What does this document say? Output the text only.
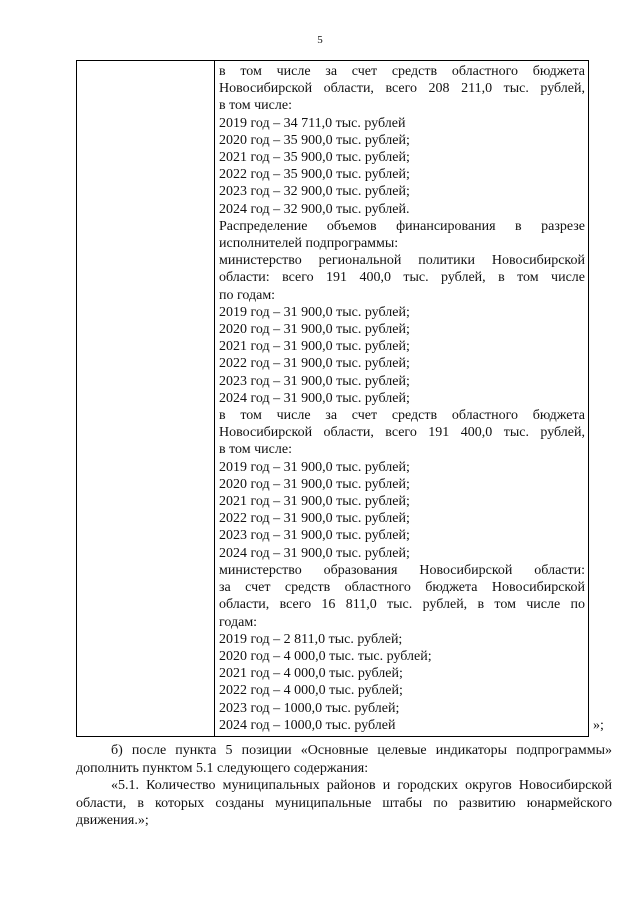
5

в том числе за счет средств областного бюджета

Новосибирской области, всего 208 211,0 тыс. рублей,

в том числе:

2019 год – 34 711,0 тыс. рублей

2020 год – 35 900,0 тыс. рублей;

2021 год – 35 900,0 тыс. рублей;

2022 год – 35 900,0 тыс. рублей;

2023 год – 32 900,0 тыс. рублей;

2024 год – 32 900,0 тыс. рублей.

Распределение объемов финансирования в разрезе

исполнителей подпрограммы:

министерство региональной политики Новосибирской

области: всего 191 400,0 тыс. рублей, в том числе

по годам:

2019 год – 31 900,0 тыс. рублей;

2020 год – 31 900,0 тыс. рублей;

2021 год – 31 900,0 тыс. рублей;

2022 год – 31 900,0 тыс. рублей;

2023 год – 31 900,0 тыс. рублей;

2024 год – 31 900,0 тыс. рублей;

в том числе за счет средств областного бюджета

Новосибирской области, всего 191 400,0 тыс. рублей,

в том числе:

2019 год – 31 900,0 тыс. рублей;

2020 год – 31 900,0 тыс. рублей;

2021 год – 31 900,0 тыс. рублей;

2022 год – 31 900,0 тыс. рублей;

2023 год – 31 900,0 тыс. рублей;

2024 год – 31 900,0 тыс. рублей;

министерство образования Новосибирской области:

за счет средств областного бюджета Новосибирской

области, всего 16 811,0 тыс. рублей, в том числе по

годам:

2019 год – 2 811,0 тыс. рублей;

2020 год – 4 000,0 тыс. тыс. рублей;

2021 год – 4 000,0 тыс. рублей;

2022 год – 4 000,0 тыс. рублей;

2023 год – 1000,0 тыс. рублей;

2024 год – 1000,0 тыс. рублей	»;

б) после пункта 5 позиции «Основные целевые индикаторы подпрограммы» дополнить пунктом 5.1 следующего содержания:

«5.1. Количество муниципальных районов и городских округов Новосибирской области, в которых созданы муниципальные штабы по развитию юнармейского движения.»;
